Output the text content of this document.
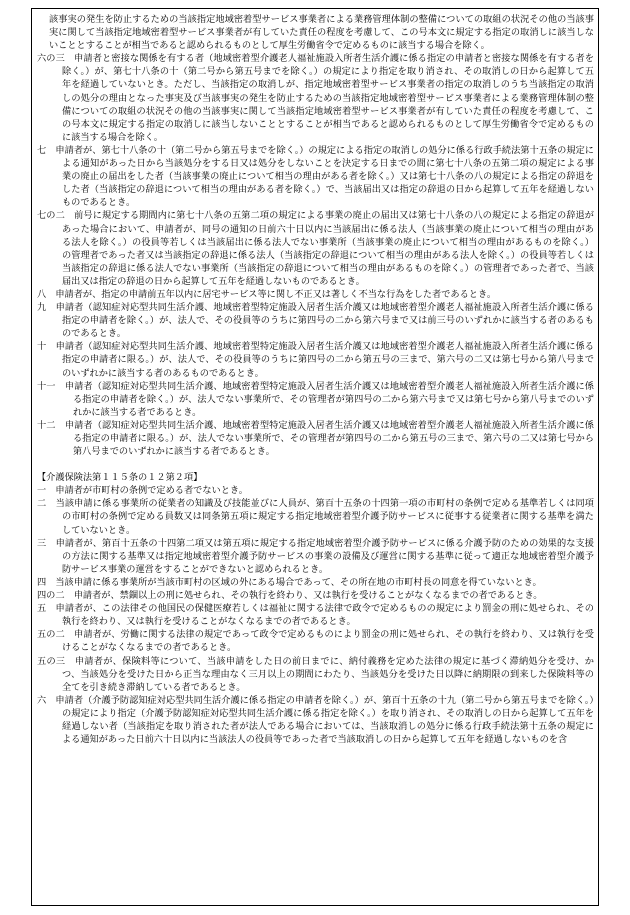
該事実の発生を防止するための当該指定地域密着型サービス事業者による業務管理体制の整備についての取組の状況その他の当該事実に関して当該指定地域密着型サービス事業者が有していた責任の程度を考慮して、この号本文に規定する指定の取消しに該当しないこととすることが相当であると認められるものとして厚生労働省令で定めるものに該当する場合を除く。

六の三　申請者と密接な関係を有する者（地域密着型介護老人福祉施設入所者生活介護に係る指定の申請者と密接な関係を有する者を除く。）が、第七十八条の十（第二号から第五号までを除く。）の規定により指定を取り消され、その取消しの日から起算して五年を経過していないとき。ただし、当該指定の取消しが、指定地域密着型サービス事業者の指定の取消しのうち当該指定の取消しの処分の理由となった事実及び当該事実の発生を防止するための当該指定地域密着型サービス事業者による業務管理体制の整備についての取組の状況その他の当該事実に関して当該指定地域密着型サービス事業者が有していた責任の程度を考慮して、この号本文に規定する指定の取消しに該当しないこととすることが相当であると認められるものとして厚生労働省令で定めるものに該当する場合を除く。

七　申請者が、第七十八条の十（第二号から第五号までを除く。）の規定による指定の取消しの処分に係る行政手続法第十五条の規定による通知があった日から当該処分をする日又は処分をしないことを決定する日までの間に第七十八条の五第二項の規定による事業の廃止の届出をした者（当該事業の廃止について相当の理由がある者を除く。）又は第七十八条の八の規定による指定の辞退をした者（当該指定の辞退について相当の理由がある者を除く。）で、当該届出又は指定の辞退の日から起算して五年を経過しないものであるとき。

七の二　前号に規定する期間内に第七十八条の五第二項の規定による事業の廃止の届出又は第七十八条の八の規定による指定の辞退があった場合において、申請者が、同号の通知の日前六十日以内に当該届出に係る法人（当該事業の廃止について相当の理由がある法人を除く。）の役員等若しくは当該届出に係る法人でない事業所（当該事業の廃止について相当の理由があるものを除く。）の管理者であった者又は当該指定の辞退に係る法人（当該指定の辞退について相当の理由がある法人を除く。）の役員等若しくは当該指定の辞退に係る法人でない事業所（当該指定の辞退について相当の理由があるものを除く。）の管理者であった者で、当該届出又は指定の辞退の日から起算して五年を経過しないものであるとき。

八　申請者が、指定の申請前五年以内に居宅サービス等に関し不正又は著しく不当な行為をした者であるとき。

九　申請者（認知症対応型共同生活介護、地域密着型特定施設入居者生活介護又は地域密着型介護老人福祉施設入所者生活介護に係る指定の申請者を除く。）が、法人で、その役員等のうちに第四号の二から第六号まで又は前三号のいずれかに該当する者のあるものであるとき。

十　申請者（認知症対応型共同生活介護、地域密着型特定施設入居者生活介護又は地域密着型介護老人福祉施設入所者生活介護に係る指定の申請者に限る。）が、法人で、その役員等のうちに第四号の二から第五号の三まで、第六号の二又は第七号から第八号までのいずれかに該当する者のあるものであるとき。

十一　申請者（認知症対応型共同生活介護、地域密着型特定施設入居者生活介護又は地域密着型介護老人福祉施設入所者生活介護に係る指定の申請者を除く。）が、法人でない事業所で、その管理者が第四号の二から第六号まで又は第七号から第八号までのいずれかに該当する者であるとき。

十二　申請者（認知症対応型共同生活介護、地域密着型特定施設入居者生活介護又は地域密着型介護老人福祉施設入所者生活介護に係る指定の申請者に限る。）が、法人でない事業所で、その管理者が第四号の二から第五号の三まで、第六号の二又は第七号から第八号までのいずれかに該当する者であるとき。

【介護保険法第１１５条の１２第２項】

一　申請者が市町村の条例で定める者でないとき。

二　当該申請に係る事業所の従業者の知識及び技能並びに人員が、第百十五条の十四第一項の市町村の条例で定める基準若しくは同項の市町村の条例で定める員数又は同条第五項に規定する指定地域密着型介護予防サービスに従事する従業者に関する基準を満たしていないとき。

三　申請者が、第百十五条の十四第二項又は第五項に規定する指定地域密着型介護予防サービスに係る介護予防のための効果的な支援の方法に関する基準又は指定地域密着型介護予防サービスの事業の設備及び運営に関する基準に従って適正な地域密着型介護予防サービス事業の運営をすることができないと認められるとき。

四　当該申請に係る事業所が当該市町村の区域の外にある場合であって、その所在地の市町村長の同意を得ていないとき。

四の二　申請者が、禁錮以上の刑に処せられ、その執行を終わり、又は執行を受けることがなくなるまでの者であるとき。

五　申請者が、この法律その他国民の保健医療若しくは福祉に関する法律で政令で定めるものの規定により罰金の刑に処せられ、その執行を終わり、又は執行を受けることがなくなるまでの者であるとき。

五の二　申請者が、労働に関する法律の規定であって政令で定めるものにより罰金の刑に処せられ、その執行を終わり、又は執行を受けることがなくなるまでの者であるとき。

五の三　申請者が、保険料等について、当該申請をした日の前日までに、納付義務を定めた法律の規定に基づく滞納処分を受け、かつ、当該処分を受けた日から正当な理由なく三月以上の期間にわたり、当該処分を受けた日以降に納期限の到来した保険料等の全てを引き続き滞納している者であるとき。

六　申請者（介護予防認知症対応型共同生活介護に係る指定の申請者を除く。）が、第百十五条の十九（第二号から第五号までを除く。）の規定により指定（介護予防認知症対応型共同生活介護に係る指定を除く。）を取り消され、その取消しの日から起算して五年を経過しない者（当該指定を取り消された者が法人である場合においては、当該取消しの処分に係る行政手続法第十五条の規定による通知があった日前六十日以内に当該法人の役員等であった者で当該取消しの日から起算して五年を経過しないものを含
